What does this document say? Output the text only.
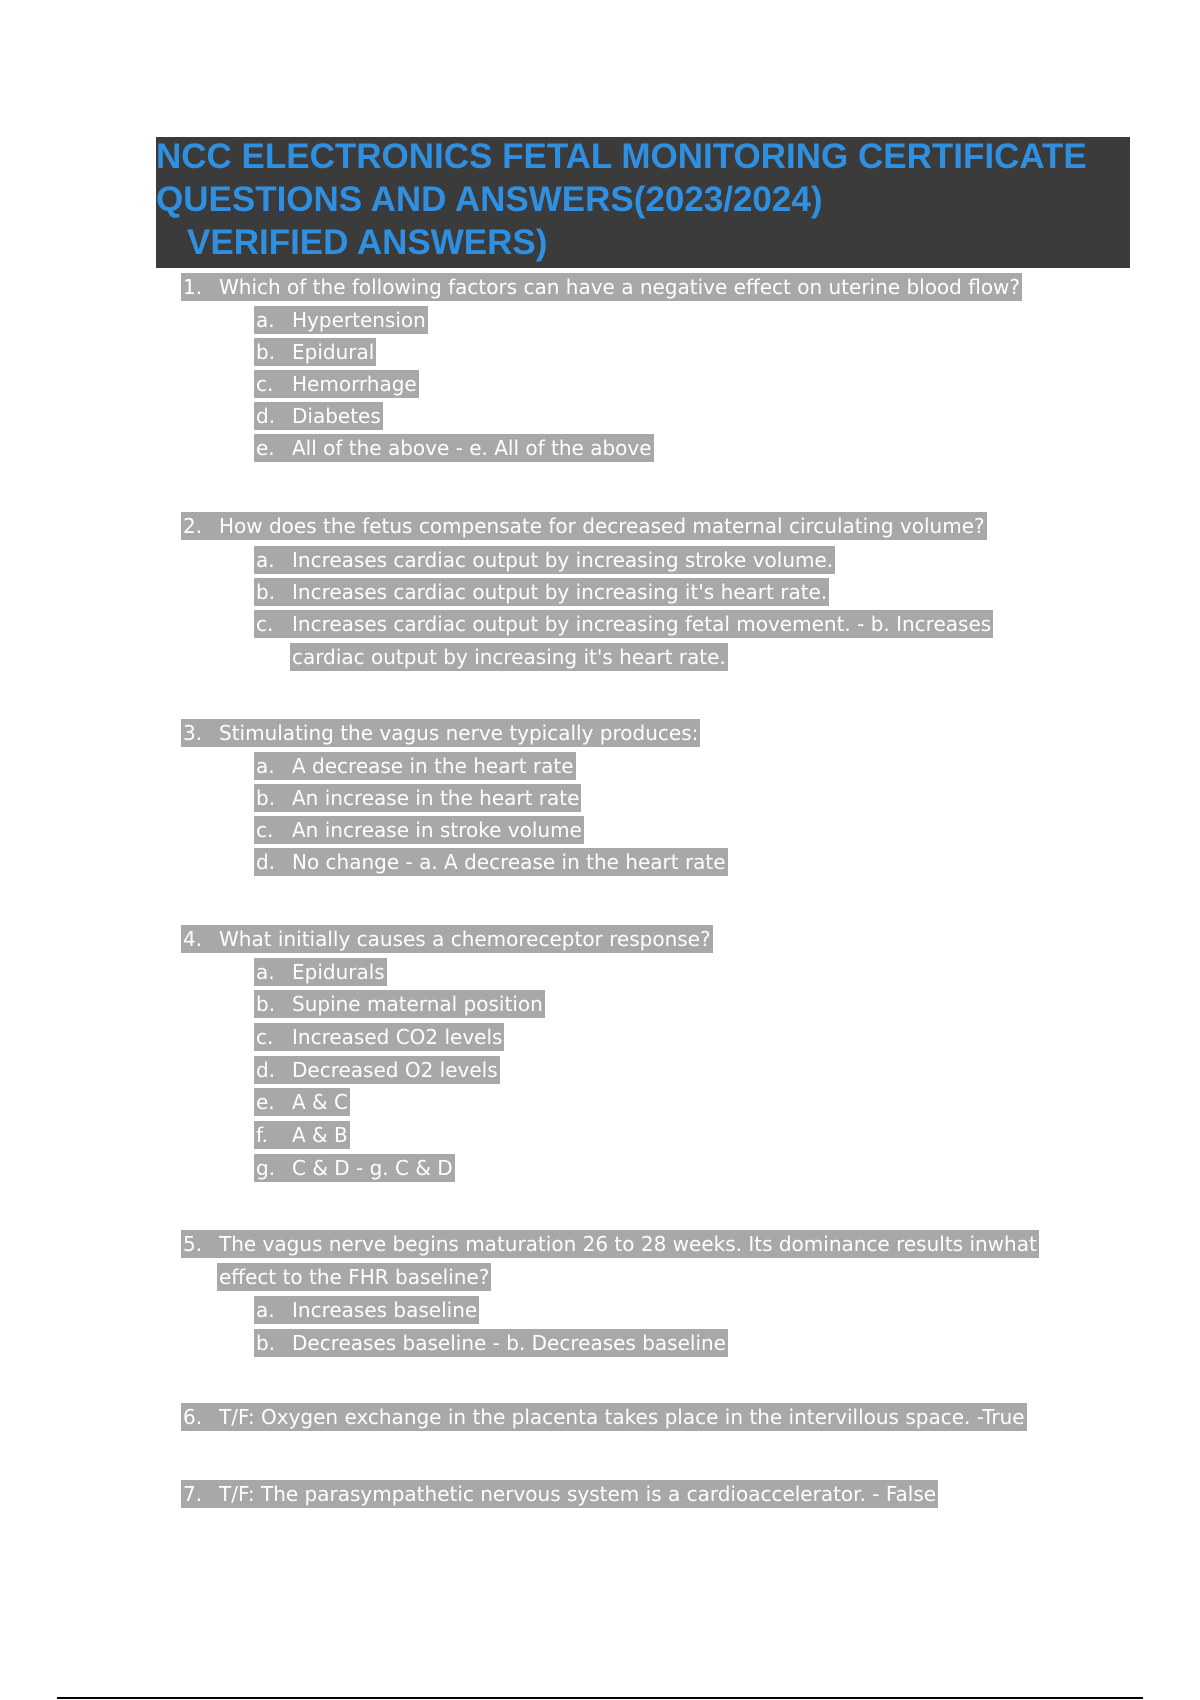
NCC ELECTRONICS FETAL MONITORING CERTIFICATE
QUESTIONS AND ANSWERS(2023/2024)
VERIFIED ANSWERS)
1. Which of the following factors can have a negative effect on uterine blood flow?
a. Hypertension
b. Epidural
c. Hemorrhage
d. Diabetes
e. All of the above - e. All of the above
2. How does the fetus compensate for decreased maternal circulating volume?
a. Increases cardiac output by increasing stroke volume.
b. Increases cardiac output by increasing it's heart rate.
c. Increases cardiac output by increasing fetal movement. - b. Increases
cardiac output by increasing it's heart rate.
3. Stimulating the vagus nerve typically produces:
a. A decrease in the heart rate
b. An increase in the heart rate
c. An increase in stroke volume
d. No change - a. A decrease in the heart rate
4. What initially causes a chemoreceptor response?
a. Epidurals
b. Supine maternal position
c. Increased CO2 levels
d. Decreased O2 levels
e. A & C
f. A & B
g. C & D - g. C & D
5. The vagus nerve begins maturation 26 to 28 weeks. Its dominance results inwhat
effect to the FHR baseline?
a. Increases baseline
b. Decreases baseline - b. Decreases baseline
6. T/F: Oxygen exchange in the placenta takes place in the intervillous space. -True
7. T/F: The parasympathetic nervous system is a cardioaccelerator. - False
